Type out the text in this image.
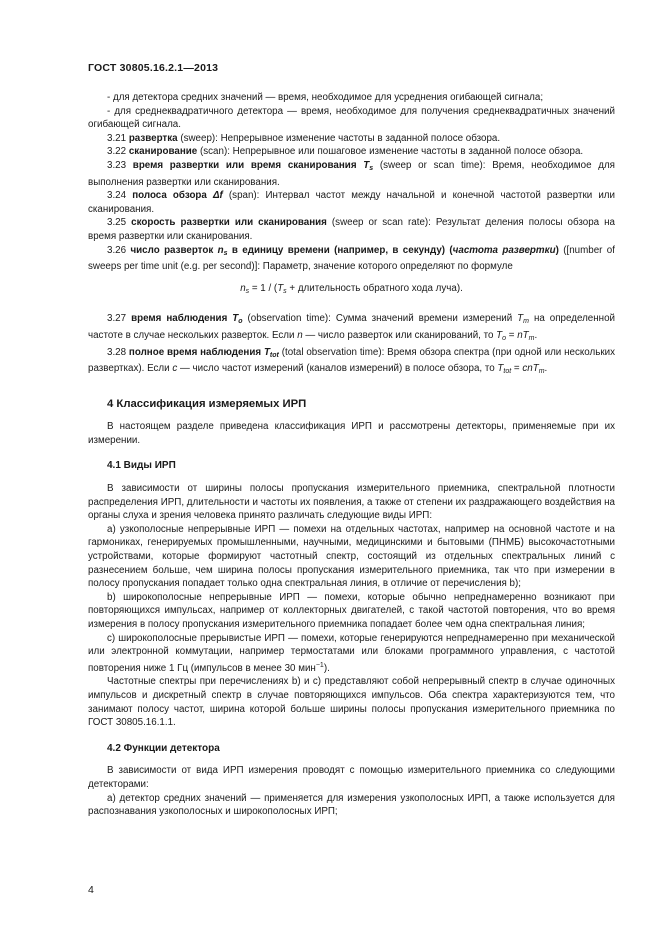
ГОСТ 30805.16.2.1—2013

- для детектора средних значений — время, необходимое для усреднения огибающей сигнала;

- для среднеквадратичного детектора — время, необходимое для получения среднеквадратичных значений огибающей сигнала.

3.21 развертка (sweep): Непрерывное изменение частоты в заданной полосе обзора.

3.22 сканирование (scan): Непрерывное или пошаговое изменение частоты в заданной полосе обзора.

3.23 время развертки или время сканирования $T_s$ (sweep or scan time): Время, необходимое для выполнения развертки или сканирования.

3.24 полоса обзора Δf (span): Интервал частот между начальной и конечной частотой развертки или сканирования.

3.25 скорость развертки или сканирования (sweep or scan rate): Результат деления полосы обзора на время развертки или сканирования.

3.26 число разверток $n_s$ в единицу времени (например, в секунду) (частота развертки) ([number of sweeps per time unit (e.g. per second)]: Параметр, значение которого определяют по формуле

$n_s = 1 / (T_s$ + длительность обратного хода луча).

3.27 время наблюдения $T_o$ (observation time): Сумма значений времени измерений $T_m$ на определенной частоте в случае нескольких разверток. Если n — число разверток или сканирований, то $T_o = nT_m$.

3.28 полное время наблюдения $T_{tot}$ (total observation time): Время обзора спектра (при одной или нескольких развертках). Если c — число частот измерений (каналов измерений) в полосе обзора, то $T_{tot} = cnT_m$.

4 Классификация измеряемых ИРП

В настоящем разделе приведена классификация ИРП и рассмотрены детекторы, применяемые при их измерении.

4.1 Виды ИРП

В зависимости от ширины полосы пропускания измерительного приемника, спектральной плотности распределения ИРП, длительности и частоты их появления, а также от степени их раздражающего воздействия на органы слуха и зрения человека принято различать следующие виды ИРП:

а) узкополосные непрерывные ИРП — помехи на отдельных частотах, например на основной частоте и на гармониках, генерируемых промышленными, научными, медицинскими и бытовыми (ПНМБ) высокочастотными устройствами, которые формируют частотный спектр, состоящий из отдельных спектральных линий с разнесением больше, чем ширина полосы пропускания измерительного приемника, так что при измерении в полосу пропускания попадает только одна спектральная линия, в отличие от перечисления b);

b) широкополосные непрерывные ИРП — помехи, которые обычно непреднамеренно возникают при повторяющихся импульсах, например от коллекторных двигателей, с такой частотой повторения, что во время измерения в полосу пропускания измерительного приемника попадает более чем одна спектральная линия;

с) широкополосные прерывистые ИРП — помехи, которые генерируются непреднамеренно при механической или электронной коммутации, например термостатами или блоками программного управления, с частотой повторения ниже 1 Гц (импульсов в менее 30 мин$^{-1}$).

Частотные спектры при перечислениях b) и c) представляют собой непрерывный спектр в случае одиночных импульсов и дискретный спектр в случае повторяющихся импульсов. Оба спектра характеризуются тем, что занимают полосу частот, ширина которой больше ширины полосы пропускания измерительного приемника по ГОСТ 30805.16.1.1.

4.2 Функции детектора

В зависимости от вида ИРП измерения проводят с помощью измерительного приемника со следующими детекторами:

а) детектор средних значений — применяется для измерения узкополосных ИРП, а также используется для распознавания узкополосных и широкополосных ИРП;

4
